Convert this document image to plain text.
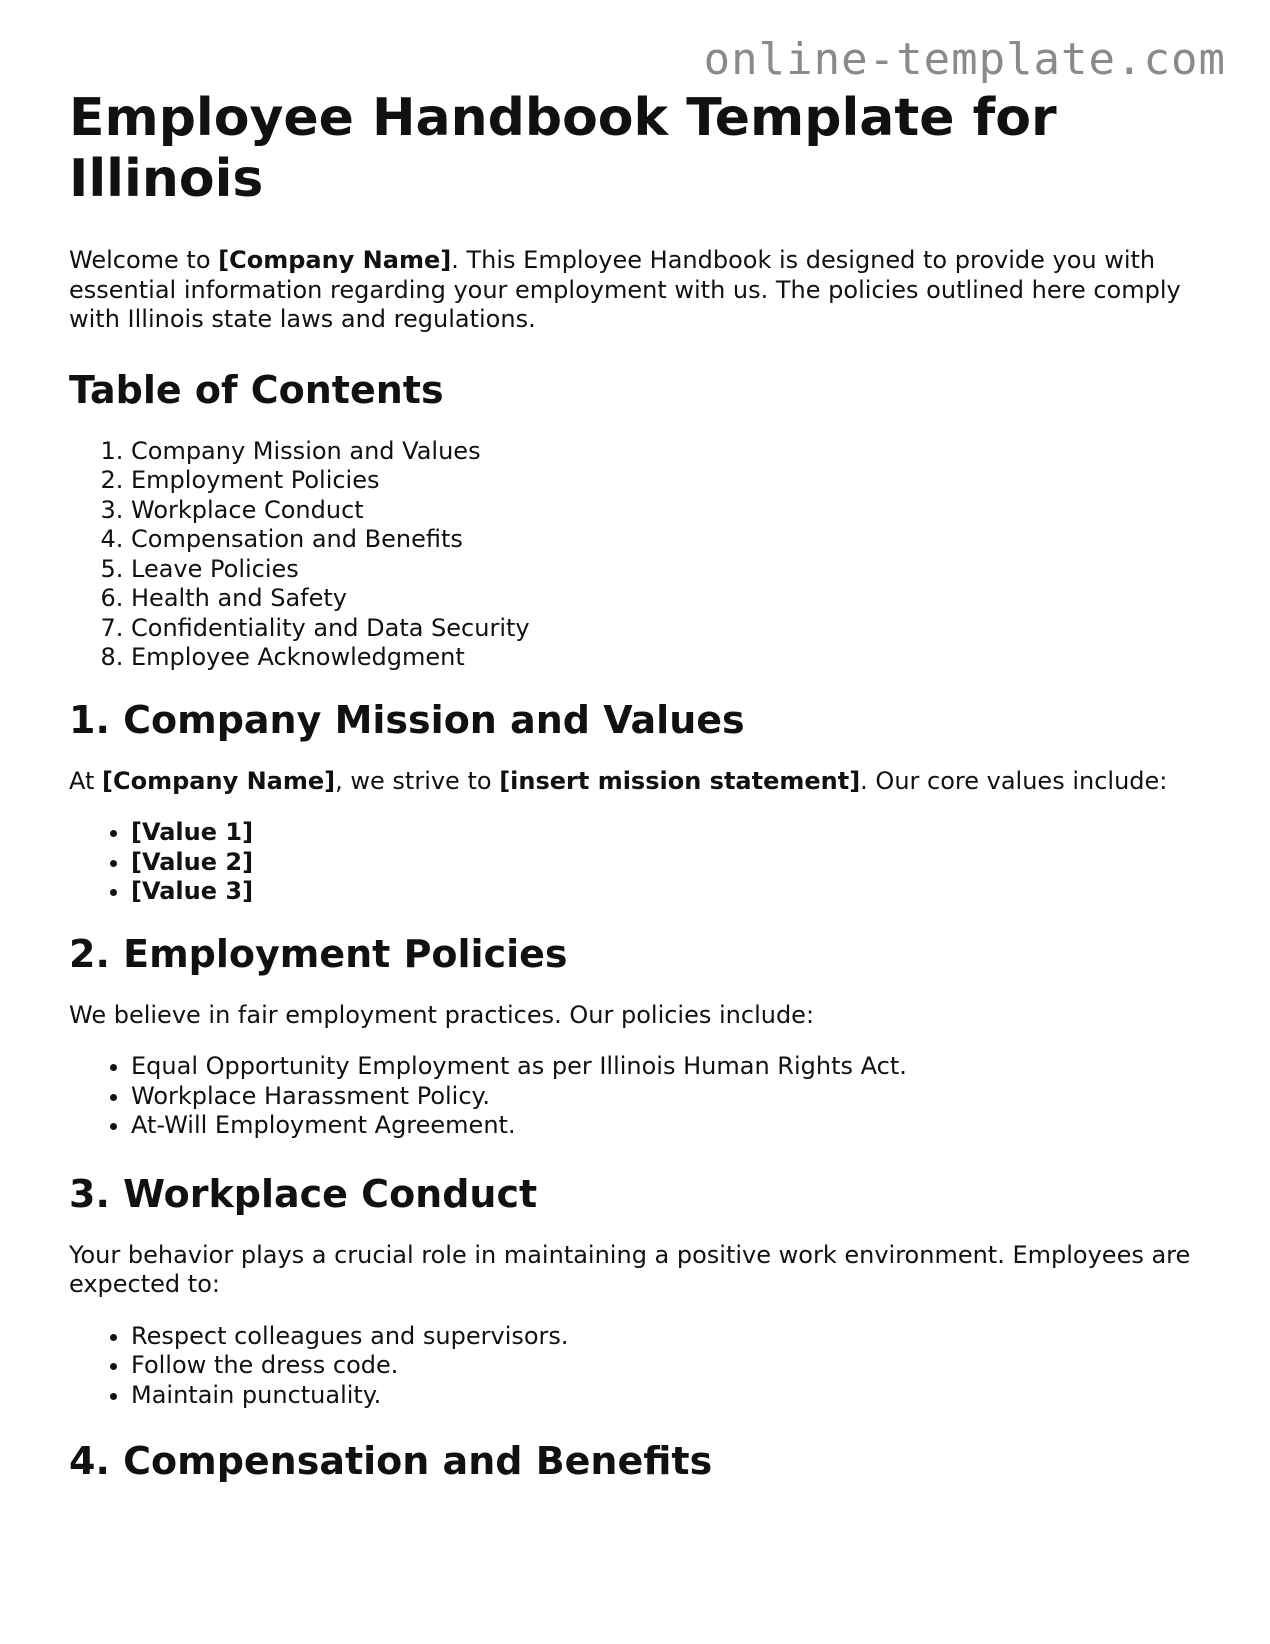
online-template.com
Employee Handbook Template for Illinois

Welcome to [Company Name]. This Employee Handbook is designed to provide you with essential information regarding your employment with us. The policies outlined here comply with Illinois state laws and regulations.

Table of Contents
1. Company Mission and Values
2. Employment Policies
3. Workplace Conduct
4. Compensation and Benefits
5. Leave Policies
6. Health and Safety
7. Confidentiality and Data Security
8. Employee Acknowledgment
1. Company Mission and Values

At [Company Name], we strive to [insert mission statement]. Our core values include:

• [Value 1]
• [Value 2]
• [Value 3]
2. Employment Policies

We believe in fair employment practices. Our policies include:

• Equal Opportunity Employment as per Illinois Human Rights Act.
• Workplace Harassment Policy.
• At-Will Employment Agreement.
3. Workplace Conduct

Your behavior plays a crucial role in maintaining a positive work environment. Employees are expected to:

• Respect colleagues and supervisors.
• Follow the dress code.
• Maintain punctuality.
4. Compensation and Benefits
